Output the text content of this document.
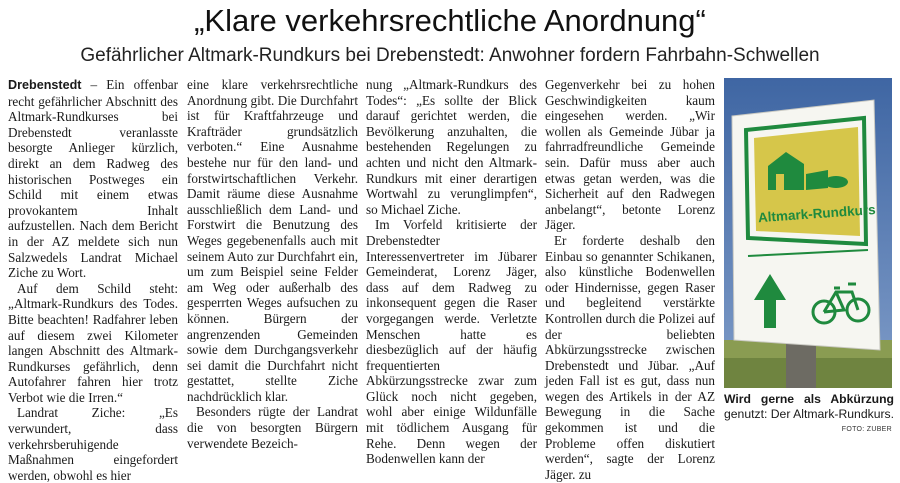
„Klare verkehrsrechtliche Anordnung“
Gefährlicher Altmark-Rundkurs bei Drebenstedt: Anwohner fordern Fahrbahn-Schwellen

Drebenstedt – Ein offenbar recht gefährlicher Abschnitt des Altmark-Rundkurses bei Drebenstedt veranlasste besorgte Anlieger kürzlich, direkt an dem Radweg des historischen Postweges ein Schild mit einem etwas provokantem Inhalt aufzustellen. Nach dem Bericht in der AZ meldete sich nun Salzwedels Landrat Michael Ziche zu Wort.

Auf dem Schild steht: „Altmark-Rundkurs des Todes. Bitte beachten! Radfahrer leben auf diesem zwei Kilometer langen Abschnitt des Altmark-Rundkurses gefährlich, denn Autofahrer fahren hier trotz Verbot wie die Irren.“

Landrat Ziche: „Es verwundert, dass verkehrsberuhigende Maßnahmen eingefordert werden, obwohl es hier

eine klare verkehrsrechtliche Anordnung gibt. Die Durchfahrt ist für Kraftfahrzeuge und Krafträder grundsätzlich verboten.“ Eine Ausnahme bestehe nur für den land- und forstwirtschaftlichen Verkehr. Damit räume diese Ausnahme ausschließlich dem Land- und Forstwirt die Benutzung des Weges gegebenenfalls auch mit seinem Auto zur Durchfahrt ein, um zum Beispiel seine Felder am Weg oder außerhalb des gesperrten Weges aufsuchen zu können. Bürgern der angrenzenden Gemeinden sowie dem Durchgangsverkehr sei damit die Durchfahrt nicht gestattet, stellte Ziche nachdrücklich klar.

Besonders rügte der Landrat die von besorgten Bürgern verwendete Bezeich-

nung „Altmark-Rundkurs des Todes“: „Es sollte der Blick darauf gerichtet werden, die Bevölkerung anzuhalten, die bestehenden Regelungen zu achten und nicht den Altmark-Rundkurs mit einer derartigen Wortwahl zu verunglimpfen“, so Michael Ziche.

Im Vorfeld kritisierte der Drebenstedter Interessenvertreter im Jübarer Gemeinderat, Lorenz Jäger, dass auf dem Radweg zu inkonsequent gegen die Raser vorgegangen werde. Verletzte Menschen hatte es diesbezüglich auf der häufig frequentierten Abkürzungsstrecke zwar zum Glück noch nicht gegeben, wohl aber einige Wildunfälle mit tödlichem Ausgang für Rehe. Denn wegen der Bodenwellen kann der

Gegenverkehr bei zu hohen Geschwindigkeiten kaum eingesehen werden. „Wir wollen als Gemeinde Jübar ja fahrradfreundliche Gemeinde sein. Dafür muss aber auch etwas getan werden, was die Sicherheit auf den Radwegen anbelangt“, betonte Lorenz Jäger.

Er forderte deshalb den Einbau so genannter Schikanen, also künstliche Bodenwellen oder Hindernisse, gegen Raser und begleitend verstärkte Kontrollen durch die Polizei auf der beliebten Abkürzungsstrecke zwischen Drebenstedt und Jübar. „Auf jeden Fall ist es gut, dass nun wegen des Artikels in der AZ Bewegung in die Sache gekommen ist und die Probleme offen diskutiert werden“, sagte der Lorenz Jäger. zu

Altmark-Rundkurs
Wird gerne als Abkürzung genutzt: Der Altmark-Rundkurs.
FOTO: ZUBER
